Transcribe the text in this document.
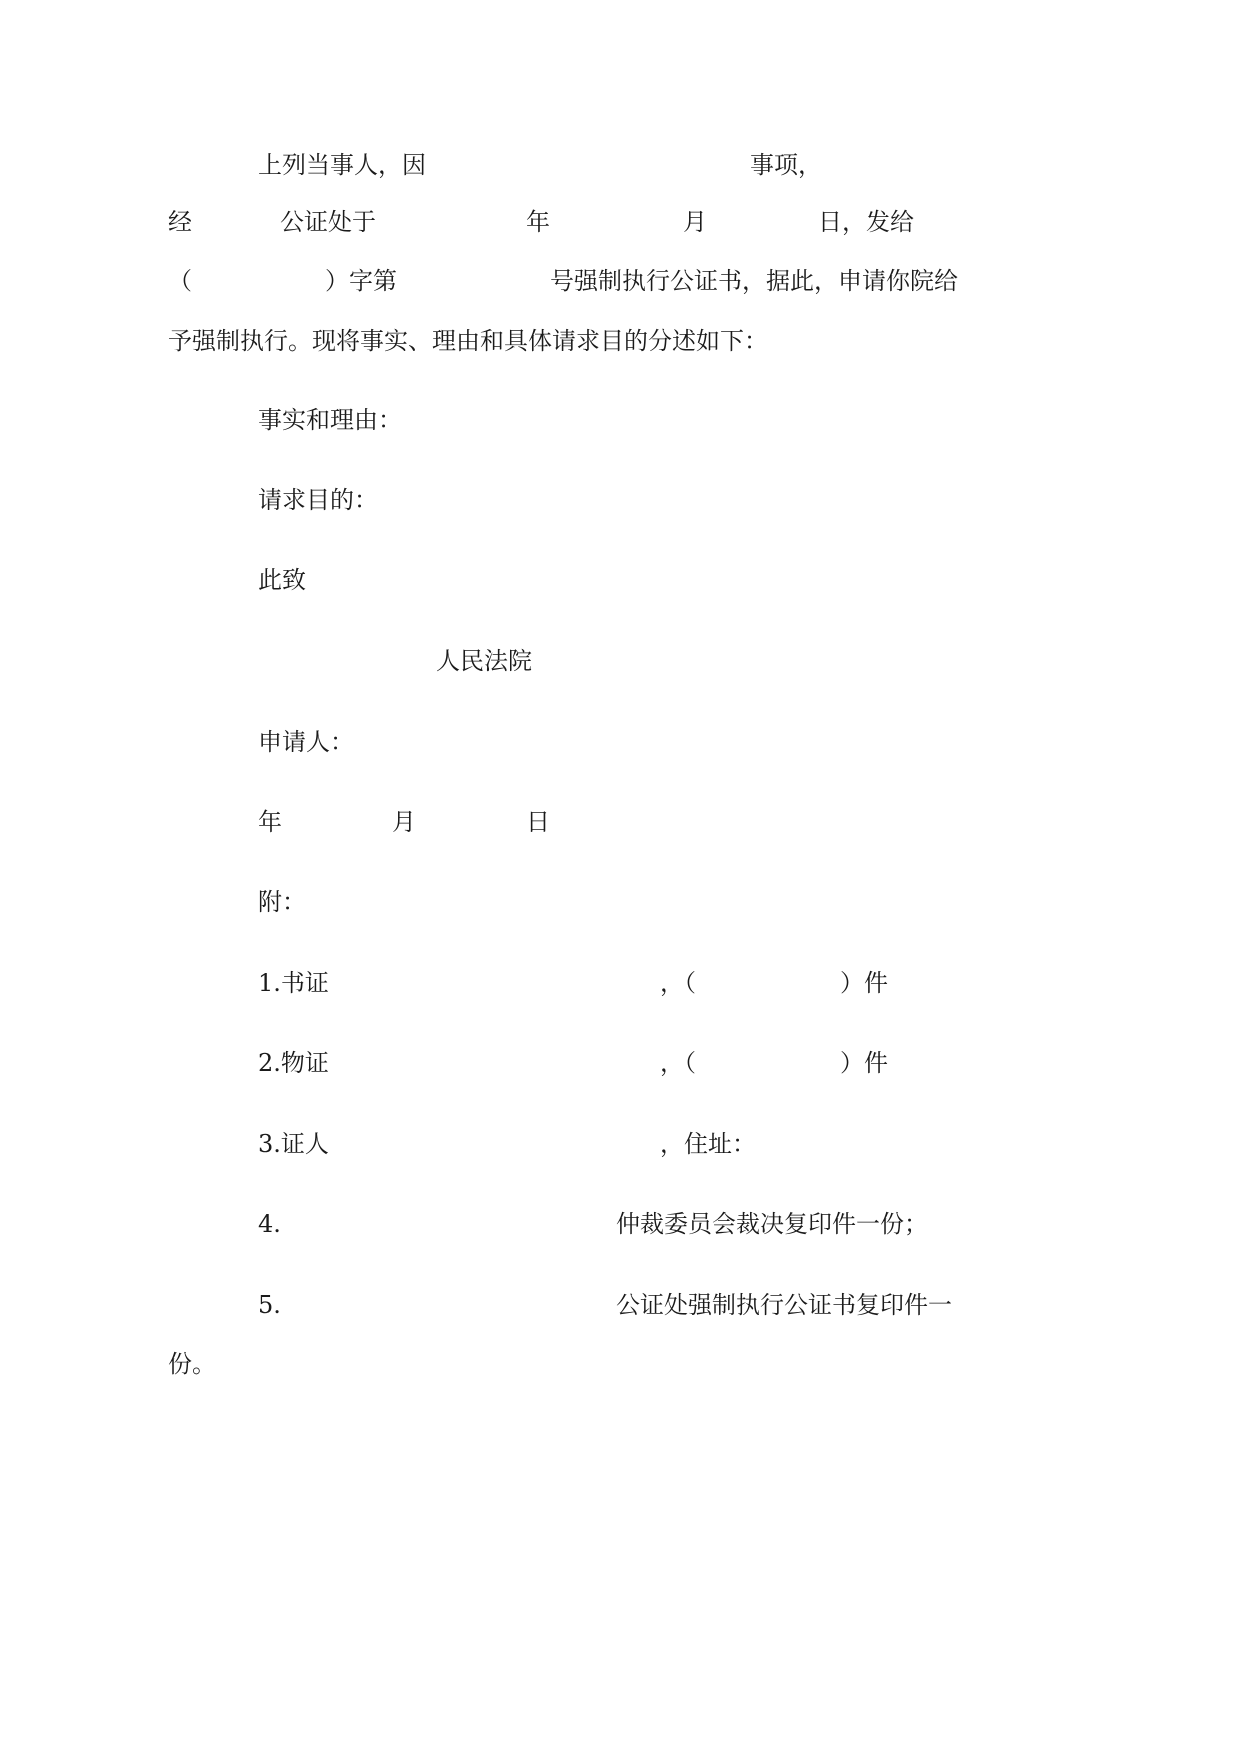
上列当事人，因	事项，
经	公证处于	年	月	日，发给
（	）字第	号强制执行公证书，据此，申请你院给
予强制执行。现将事实、理由和具体请求目的分述如下：
事实和理由：
请求目的：
此致
人民法院
申请人：
年	月	日
附：
1.书证	，（	）件
2.物证	，（	）件
3.证人	，住址：
4.	仲裁委员会裁决复印件一份；
5.	公证处强制执行公证书复印件一
份。
